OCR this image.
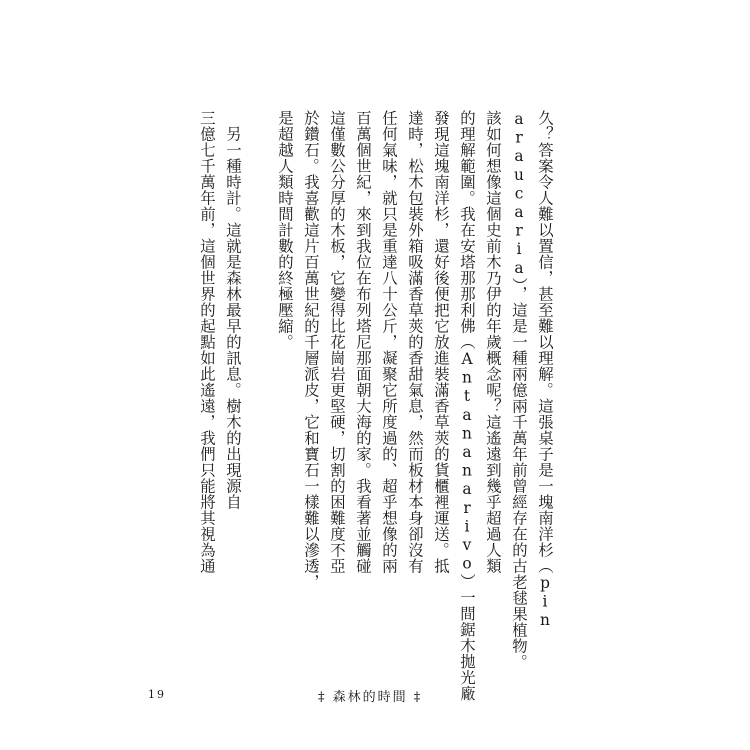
久？答案令人難以置信，甚至難以理解。這張桌子是一塊南洋杉（pin
araucaria），這是一種兩億兩千萬年前曾經存在的古老毬果植物。
該如何想像這個史前木乃伊的年歲概念呢？這遙遠到幾乎超過人類
的理解範圍。我在安塔那那利佛（Antananarivo）一間鋸木拋光廠
發現這塊南洋杉，還好後便把它放進裝滿香草莢的貨櫃裡運送。抵
達時，松木包裝外箱吸滿香草莢的香甜氣息，然而板材本身卻沒有
任何氣味，就只是重達八十公斤，凝聚它所度過的、超乎想像的兩
百萬個世紀，來到我位在布列塔尼那面朝大海的家。我看著並觸碰
這僅數公分厚的木板，它變得比花崗岩更堅硬，切割的困難度不亞
於鑽石。我喜歡這片百萬世紀的千層派皮，它和寶石一樣難以滲透，
是超越人類時間計數的終極壓縮。
　另一種時計。這就是森林最早的訊息。樹木的出現源自
三億七千萬年前，這個世界的起點如此遙遠，我們只能將其視為通
19	‡ 森林的時間 ‡
